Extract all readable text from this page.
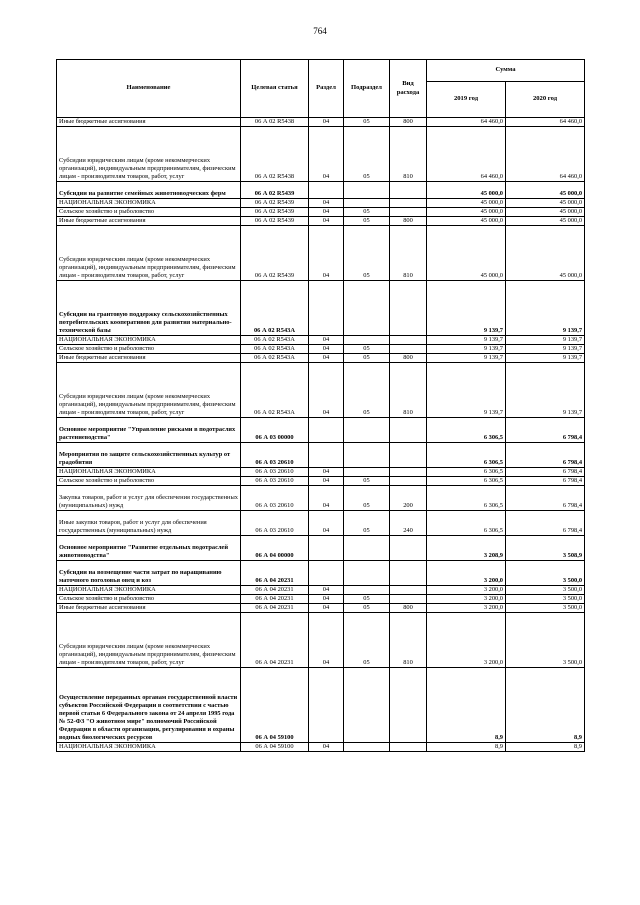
764
Наименование	Целевая статья	Раздел	Подраздел	Вид расхода	Сумма	
					2019 год	2020 год
Иные бюджетные ассигнования	06 А 02 R5438	04	05	800	64 460,0	64 460,0
Субсидии юридическим лицам (кроме некоммерческих организаций), индивидуальным предпринимателям, физическим лицам - производителям товаров, работ, услуг	06 А 02 R5438	04	05	810	64 460,0	64 460,0
Субсидии на развитие семейных животноводческих ферм	06 А 02 R5439				45 000,0	45 000,0
НАЦИОНАЛЬНАЯ ЭКОНОМИКА	06 А 02 R5439	04			45 000,0	45 000,0
Сельское хозяйство и рыболовство	06 А 02 R5439	04	05		45 000,0	45 000,0
Иные бюджетные ассигнования	06 А 02 R5439	04	05	800	45 000,0	45 000,0
Субсидии юридическим лицам (кроме некоммерческих организаций), индивидуальным предпринимателям, физическим лицам - производителям товаров, работ, услуг	06 А 02 R5439	04	05	810	45 000,0	45 000,0
Субсидии на грантовую поддержку сельскохозяйственных потребительских кооперативов для развития материально-технической базы	06 А 02 R543A				9 139,7	9 139,7
НАЦИОНАЛЬНАЯ ЭКОНОМИКА	06 А 02 R543A	04			9 139,7	9 139,7
Сельское хозяйство и рыболовство	06 А 02 R543A	04	05		9 139,7	9 139,7
Иные бюджетные ассигнования	06 А 02 R543A	04	05	800	9 139,7	9 139,7
Субсидии юридическим лицам (кроме некоммерческих организаций), индивидуальным предпринимателям, физическим лицам - производителям товаров, работ, услуг	06 А 02 R543A	04	05	810	9 139,7	9 139,7
Основное мероприятие "Управление рисками в подотраслях растениеводства"	06 А 03 00000				6 306,5	6 798,4
Мероприятия по защите сельскохозяйственных культур от градобития	06 А 03 20610				6 306,5	6 798,4
НАЦИОНАЛЬНАЯ ЭКОНОМИКА	06 А 03 20610	04			6 306,5	6 798,4
Сельское хозяйство и рыболовство	06 А 03 20610	04	05		6 306,5	6 798,4
Закупка товаров, работ и услуг для обеспечения государственных (муниципальных) нужд	06 А 03 20610	04	05	200	6 306,5	6 798,4
Иные закупки товаров, работ и услуг для обеспечения государственных (муниципальных) нужд	06 А 03 20610	04	05	240	6 306,5	6 798,4
Основное мероприятие "Развитие отдельных подотраслей животноводства"	06 А 04 00000				3 208,9	3 508,9
Субсидии на возмещение части затрат по наращиванию маточного поголовья овец и коз	06 А 04 20231				3 200,0	3 500,0
НАЦИОНАЛЬНАЯ ЭКОНОМИКА	06 А 04 20231	04			3 200,0	3 500,0
Сельское хозяйство и рыболовство	06 А 04 20231	04	05		3 200,0	3 500,0
Иные бюджетные ассигнования	06 А 04 20231	04	05	800	3 200,0	3 500,0
Субсидии юридическим лицам (кроме некоммерческих организаций), индивидуальным предпринимателям, физическим лицам - производителям товаров, работ, услуг	06 А 04 20231	04	05	810	3 200,0	3 500,0
Осуществление переданных органам государственной власти субъектов Российской Федерации в соответствии с частью первой статьи 6 Федерального закона от 24 апреля 1995 года № 52-ФЗ "О животном мире" полномочий Российской Федерации в области организации, регулирования и охраны водных биологических ресурсов	06 А 04 59100				8,9	8,9
НАЦИОНАЛЬНАЯ ЭКОНОМИКА	06 А 04 59100	04			8,9	8,9
